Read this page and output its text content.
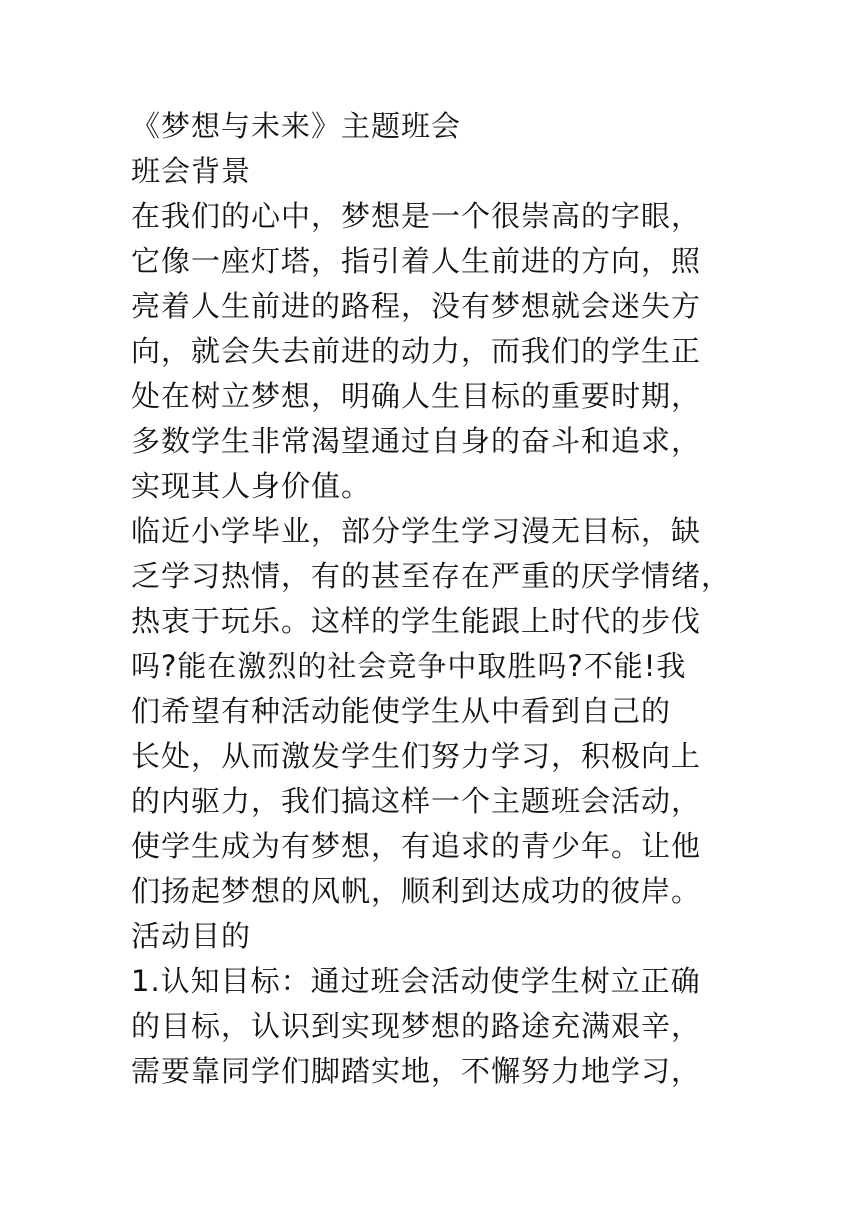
《梦想与未来》主题班会
班会背景
在我们的心中，梦想是一个很崇高的字眼，
它像一座灯塔，指引着人生前进的方向，照
亮着人生前进的路程，没有梦想就会迷失方
向，就会失去前进的动力，而我们的学生正
处在树立梦想，明确人生目标的重要时期，
多数学生非常渴望通过自身的奋斗和追求，
实现其人身价值。
临近小学毕业，部分学生学习漫无目标，缺
乏学习热情，有的甚至存在严重的厌学情绪，
热衷于玩乐。这样的学生能跟上时代的步伐
吗?能在激烈的社会竞争中取胜吗?不能!我
们希望有种活动能使学生从中看到自己的
长处，从而激发学生们努力学习，积极向上
的内驱力，我们搞这样一个主题班会活动，
使学生成为有梦想，有追求的青少年。让他
们扬起梦想的风帆，顺利到达成功的彼岸。
活动目的
1.认知目标：通过班会活动使学生树立正确
的目标，认识到实现梦想的路途充满艰辛，
需要靠同学们脚踏实地，不懈努力地学习，
